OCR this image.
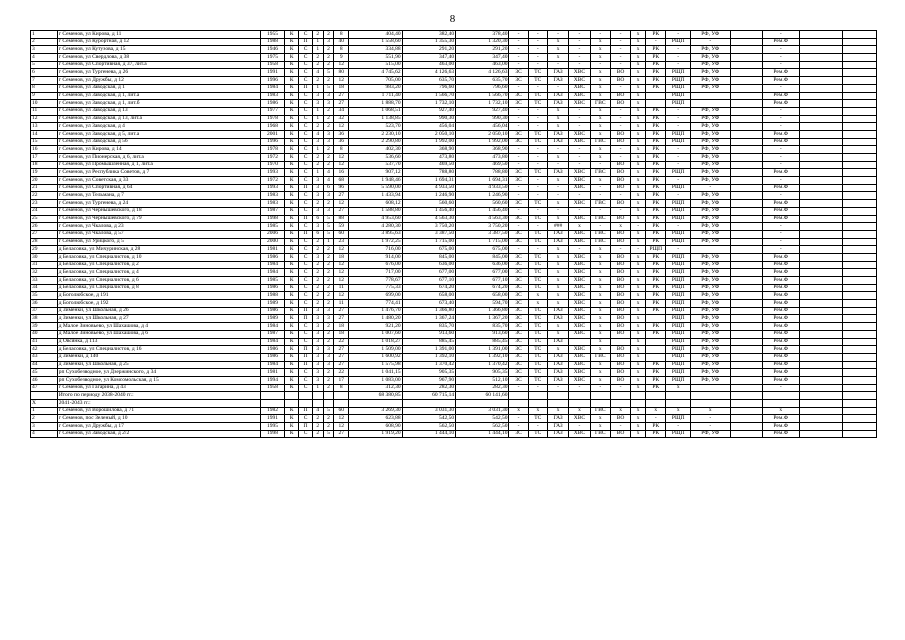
8
1	г Семенов, ул Кирова, д 11	1955	К	С	2	2	8	404,40	382,40	378,40	-	-	-	-	-	-	х	РК	-	РФ, УФ		-		
2	г Семенов, ул Курортная, д 12	1988	К	П	1	3	40	1 558,60	1 355,30	1 320,30	-	-	х	-	х	-	х	-	РЩП	-		Рем.Ф		
3	г Семенов, ул Кутузова, д 15	1946	К	С	1	2	8	334,88	291,20	291,20	-	-	х	-	х	-	х	РК	-	РФ, УФ		-		
4	г Семенов, ул Свердлова, д 38	1975	К	С	2	2	9	551,90	347,40	347,40	-	-	х	-	х	-	х	РК	-	РФ, УФ		-		
5	г Семенов, ул Спортивная, д 37, лит.а	1958	К	С	2	2	12	515,00	463,00	463,00	-	-	-	-	-	-	х	РК	-	РФ, УФ		-		
6	г Семенов, ул Тургенева, д 26	1991	К	С	4	5	80	4 745,62	4 126,63	4 126,63	ЗС	ТС	ГАЗ	ХВС	х	ВО	х	РК	РЩП	РФ, УФ		Рем.Ф		
7	г Семенов, ул Дружбы, д 12	1996	К	С	2	2	12	705,00	635,70	635,70	ЗС	ТС	ГАЗ	ХВС	х	ВО	х	РК	РЩП	РФ, УФ		Рем.Ф		
8	г Семенов, ул Заводская, д 1	1984	К	П	1	5	18	983,20	796,60	796,60	-	-	-	ХВС	х	-	х	РК	РЩП	РФ, УФ		-		
9	г Семенов, ул Заводская, д 1, лит.а	1983	К	С	3	3	27	1 711,40	1 566,70	1 566,70	ЗС	ТС	ГАЗ	ХВС	х	ВО	х		РЩП			Рем.Ф		
10	г Семенов, ул Заводская, д 1, лит.б	1986	К	С	3	3	27	1 888,70	1 732,10	1 732,10	ЗС	ТС	ГАЗ	ХВС	ГВС	ВО	х		РЩП			Рем.Ф		
11	г Семенов, ул Заводская, д 13	1977	К	С	1	2	34	1 068,51	927,40	927,40	-	-	х	-	х	-	х	РК	-	РФ, УФ		-		
12	г Семенов, ул Заводская, д 13, лит.а	1978	К	С	1	2	32	1 138,85	990,30	990,30	-	-	х	-	х	-	х	РК	-	РФ, УФ		-		
13	г Семенов, ул Заводская, д 4	1968	К	С	2	2	12	523,70	456,04	456,04	-	-	х	-	х	-	х	РК	-	РФ, УФ		-		
14	г Семенов, ул Заводская, д 5, лит.а	2001	К	С	4	3	36	2 230,10	2 050,10	2 050,10	ЗС	ТС	ГАЗ	ХВС	х	ВО	х	РК	РЩП	РФ, УФ		Рем.Ф		
15	г Семенов, ул Заводская, д 56	1996	К	С	3	3	36	2 290,80	1 992,00	1 992,00	ЗС	ТС	ГАЗ	ХВС	ГВС	ВО	х	РК	РЩП	РФ, УФ		Рем.Ф		
16	г Семенов, ул Кирова, д 14	1978	К	С	1	2	8	402,30	368,90	368,90	-	-	-	-	х	-	х	РК	-	РФ, УФ		-		
17	г Семенов, ул Пионерская, д 6, лит.а	1972	К	С	2	2	12	536,60	473,80	473,80	-	-	х	-	х	-	х	РК	-	РФ, УФ		-		
18	г Семенов, ул Промышленная, д 1, лит.а	1970	К	С	2	2	12	537,70	469,50	469,50	-	-	-	-	-	ВО	х	РК	-	РФ, УФ		-		
19	г Семенов, ул Республика Советов, д 7	1993	К	С	1	4	16	907,12	788,80	788,80	ЗС	ТС	ГАЗ	ХВС	ГВС	ВО	х	РК	РЩП	РФ, УФ		Рем.Ф		
20	г Семенов, ул Советская, д 33	1972	К	С	3	4	68	1 948,46	1 694,31	1 694,31	ЗС	-	х	ХВС	х	ВО	х	РК	-	РФ, УФ		-		
21	г Семенов, ул Спортивная, д 64	1993	К	П	3	6	96	5 590,00	4 933,50	4 933,50	-	-	-	ХВС	-	ВО	х	РК	РЩП	-		Рем.Ф		
22	г Семенов, ул Тельмана, д 7	1983	К	С	3	3	27	1 433,94	1 246,90	1 246,90	-	-	-	-	-	-	х	РК	-	РФ, УФ		-		
23	г Семенов, ул Тургенева, д 24	1983	К	С	2	2	12	608,12	560,60	560,60	ЗС	ТС	х	ХВС	ГВС	ВО	х	РК	РЩП	РФ, УФ		Рем.Ф		
24	г Семенов, ул Чернышевского, д 18	1987	К	С	3	3	27	1 588,80	1 456,40	1 456,40	-	-	-	-	-	-	х	РК	РЩП	РФ, УФ		Рем.Ф		
25	г Семенов, ул Чернышевского, д 79	1998	К	П	6	5	88	4 953,60	4 563,30	4 563,30	ЗС	ТС	х	ХВС	ГВС	ВО	х	РК	РЩП	РФ, УФ		Рем.Ф		
26	г Семенов, ул Чкалова, д 23	1985	К	С	3	5	59	4 280,30	3 750,20	3 750,20	-	-	###	х	-	х	-	РК	-	РФ, УФ		-		
27	г Семенов, ул Чкалова, д 57	2006	К	П	6	5	60	3 895,63	3 387,50	3 387,50	ЗС	ТС	ГАЗ	ХВС	ГВС	ВО	х	РК	РЩП	РФ, УФ		-		
28	г Семенов, ул Урицкого, д 5	2000	К	С	2	1	23	1 972,25	1 715,00	1 715,00	ЗС	ТС	ГАЗ	ХВС	ГВС	ВО	х	РК	РЩП	РФ, УФ		-		
29	д Беласовка, ул Мичуринская, д 28	1981	К	С	2	2	12	716,00	675,00	675,00	-	-	х	-	х	-	-	РЩП	-			-		
30	д Беласовка, ул Специалистов, д 10	1986	К	С	3	2	18	914,00	845,00	845,00	ЗС	ТС	х	ХВС	х	ВО	х	РК	РЩП	РФ, УФ		Рем.Ф		
31	д Беласовка, ул Специалистов, д 2	1984	К	С	2	2	12	676,00	636,00	636,00	ЗС	ТС	х	ХВС	х	ВО	х	РК	РЩП	РФ, УФ		Рем.Ф		
32	д Беласовка, ул Специалистов, д 4	1984	К	С	2	2	12	717,00	677,00	677,00	ЗС	ТС	х	ХВС	х	ВО	х	РК	РЩП	РФ, УФ		Рем.Ф		
33	д Беласовка, ул Специалистов, д 6	1985	К	С	2	2	12	778,67	677,10	677,10	ЗС	ТС	х	ХВС	х	ВО	х	РК	РЩП	РФ, УФ		Рем.Ф		
34	д Беласовка, ул Специалистов, д 8	1986	К	С	2	2	11	775,33	674,20	674,20	ЗС	ТС	х	ХВС	х	ВО	х	РК	РЩП	РФ, УФ		Рем.Ф		
35	д Боголюбское, д 191	1988	К	С	2	2	12	699,00	658,00	658,00	ЗС	х	х	ХВС	х	ВО	х	РК	РЩП	РФ, УФ		Рем.Ф		
36	д Боголюбское, д 192	1989	К	С	2	2	11	774,41	673,40	594,70	ЗС	х	х	ХВС	х	ВО	х	РК	РЩП	РФ, УФ		Рем.Ф		
37	д Зименки, ул Школьная, д 26	1986	К	П	3	3	27	1 476,70	1 366,80	1 366,80	ЗС	ТС	ГАЗ	ХВС	х	ВО	х	РК	РЩП	РФ, УФ		Рем.Ф		
38	д Зименки, ул Школьная, д 27	1989	К	П	3	3	27	1 480,20	1 367,24	1 367,20	ЗС	ТС	ГАЗ	ХВС	х	ВО	х		РЩП	РФ, УФ		Рем.Ф		
39	д Малое Зиновьево, ул Шахашова, д 4	1984	К	С	3	2	18	921,20	835,70	835,70	ЗС	ТС	х	ХВС	х	ВО	х	РК	РЩП	РФ, УФ		Рем.Ф		
40	д Малое Зиновьево, ул Шахашова, д 6	1987	К	С	3	2	18	1 007,60	913,60	913,60	ЗС	ТС	х	ХВС	х	ВО	х	РК	РЩП	РФ, УФ		Рем.Ф		
41	д Овсянка, д 113	1984	К	С	3	2	22	1 018,27	885,45	885,45	ЗС	ТС	ГАЗ		х		х		РЩП	РФ, УФ		Рем.Ф		
42	д Беласовка, ул Специалистов, д 16	1986	К	П	3	3	27	1 509,00	1 391,00	1 391,00	ЗС	ТС	х	ХВС	х	ВО	х		РЩП	РФ, УФ		Рем.Ф		
43	д Зименки, д 140	1986	К	П	3	3	27	1 600,92	1 392,10	1 392,10	ЗС	ТС	ГАЗ	ХВС	ГВС	ВО	х		РЩП	РФ, УФ		Рем.Ф		
44	д Зименки, ул Школьная, д 25	1984	К	П	3	3	27	1 575,98	1 370,42	1 370,42	ЗС	ТС	ГАЗ	ХВС	х	ВО	х	РК	РЩП	РФ, УФ		Рем.Ф		
45	рп Сухобезводное, ул Дзержинского, д 34	1981	К	С	3	2	22	1 041,15	905,35	905,35	ЗС	ТС	ГАЗ	ХВС	х	ВО	х	РК	РЩП	РФ, УФ		Рем.Ф		
46	рп Сухобезводное, ул Комсомольская, д 15	1994	К	С	3	2	17	1 083,00	967,90	512,10	ЗС	ТС	ГАЗ	ХВС	х	ВО	х	РК	РЩП	РФ, УФ		Рем.Ф		
47	г Семенов, ул Гагарина, д 43	1958	К	С	1	2	8	312,30	282,30	282,30	-	-	-	-	-	-	х	РК	х			-		
	Итого по периоду 2038-2040 гг.:							68 380,85	60 715,14	60 141,60														
Х	2041-2043 гг.:																							
1	г Семенов, ул Ворошилова, д 71	1982	К	П	4	5	60	3 269,30	3 031,30	3 031,30	х	х	х	х	ГВС	х	х	х	х	х		х		
2	г Семенов, пос Зеленый, д 10	1991	К	С	2	2	12	623,88	542,50	542,50	-	ТС	ГАЗ	ХВС	х	ВО	х	-	РЩП	-		Рем.Ф		
3	г Семенов, ул Дружбы, д 17	1995	К	П	2	2	12	608,90	562,50	562,50	-	-	ГАЗ	-	х	-	х	РК	-	-		Рем.Ф		
4	г Семенов, ул Заводская, д 2/2	1998	К	С	2	5	27	1 919,20	1 444,10	1 444,10	ЗС	ТС	ГАЗ	ХВС	ГВС	ВО	х	РК	РЩП	РФ, УФ		Рем.Ф		
